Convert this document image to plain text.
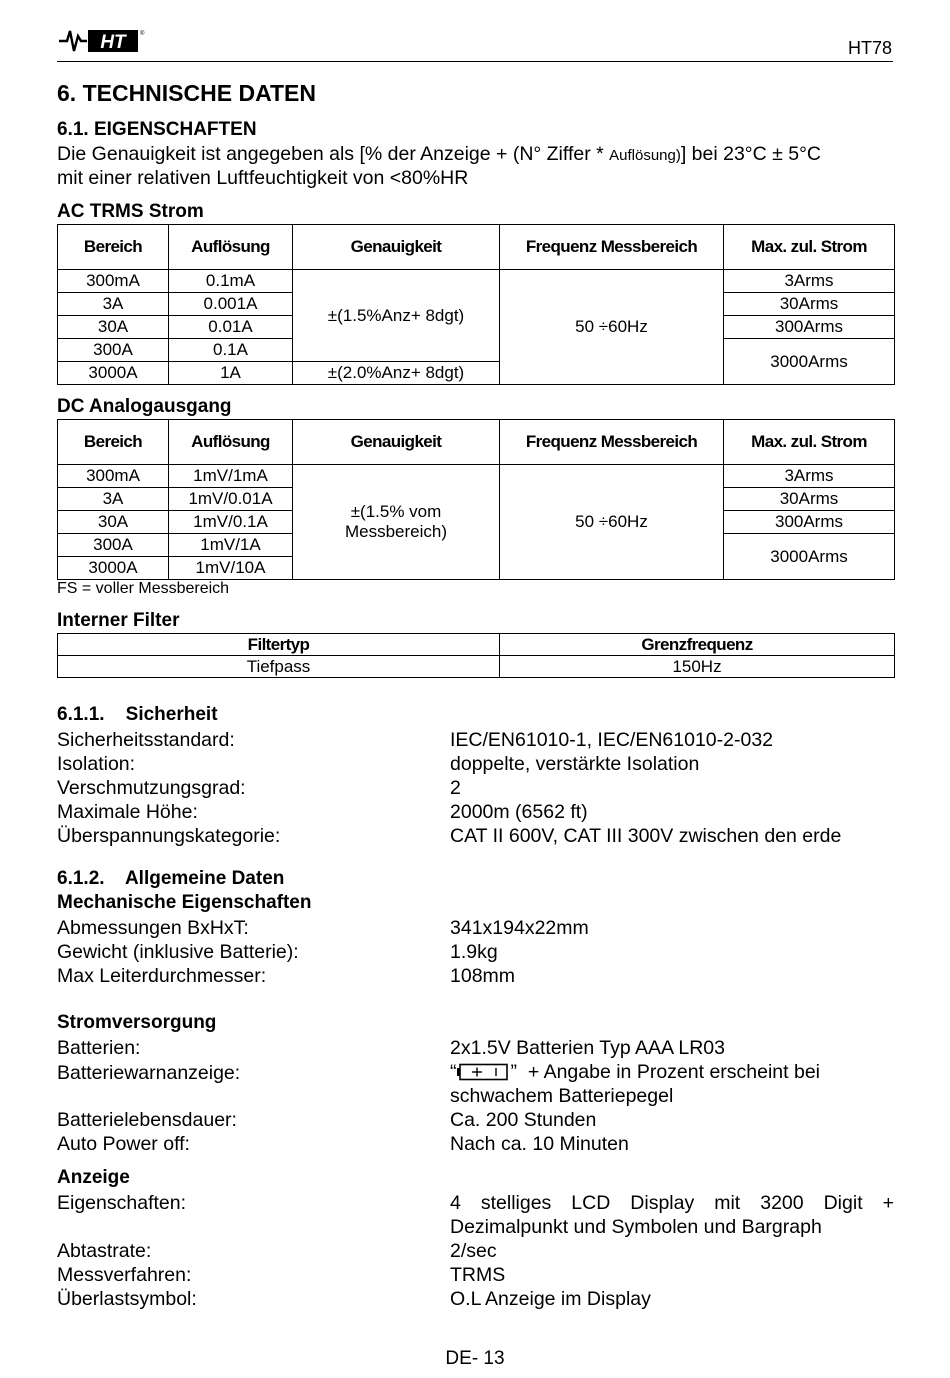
HT ®
HT78
6. TECHNISCHE DATEN
6.1. EIGENSCHAFTEN
Die Genauigkeit ist angegeben als [% der Anzeige + (N° Ziffer * Auflösung)] bei 23°C ± 5°C
mit einer relativen Luftfeuchtigkeit von <80%HR
AC TRMS Strom
Bereich	Auflösung	Genauigkeit	Frequenz Messbereich	Max. zul. Strom
300mA	0.1mA	±(1.5%Anz+ 8dgt)	50 ÷60Hz	3Arms
3A	0.001A			30Arms
30A	0.01A			300Arms
300A	0.1A			3000Arms
3000A	1A	±(2.0%Anz+ 8dgt)		
DC Analogausgang
Bereich	Auflösung	Genauigkeit	Frequenz Messbereich	Max. zul. Strom
300mA	1mV/1mA	±(1.5% vom Messbereich)	50 ÷60Hz	3Arms
3A	1mV/0.01A			30Arms
30A	1mV/0.1A			300Arms
300A	1mV/1A			3000Arms
3000A	1mV/10A			
FS = voller Messbereich
Interner Filter
Filtertyp	Grenzfrequenz
Tiefpass	150Hz
6.1.1.    Sicherheit
Sicherheitsstandard:	IEC/EN61010-1, IEC/EN61010-2-032
Isolation:	doppelte, verstärkte Isolation
Verschmutzungsgrad:	2
Maximale Höhe:	2000m (6562 ft)
Überspannungskategorie:	CAT II 600V, CAT III 300V zwischen den erde
6.1.2.    Allgemeine Daten
Mechanische Eigenschaften
Abmessungen BxHxT:	341x194x22mm
Gewicht (inklusive Batterie):	1.9kg
Max Leiterdurchmesser:	108mm
Stromversorgung
Batterien:	2x1.5V Batterien Typ AAA LR03
Batteriewarnanzeige:	“	” + Angabe in Prozent erscheint bei
schwachem Batteriepegel
Batterielebensdauer:	Ca. 200 Stunden
Auto Power off:	Nach ca. 10 Minuten
Anzeige
Eigenschaften:	4 stelliges LCD Display mit 3200 Digit + Dezimalpunkt und Symbolen und Bargraph
Abtastrate:	2/sec
Messverfahren:	TRMS
Überlastsymbol:	O.L Anzeige im Display
DE- 13
